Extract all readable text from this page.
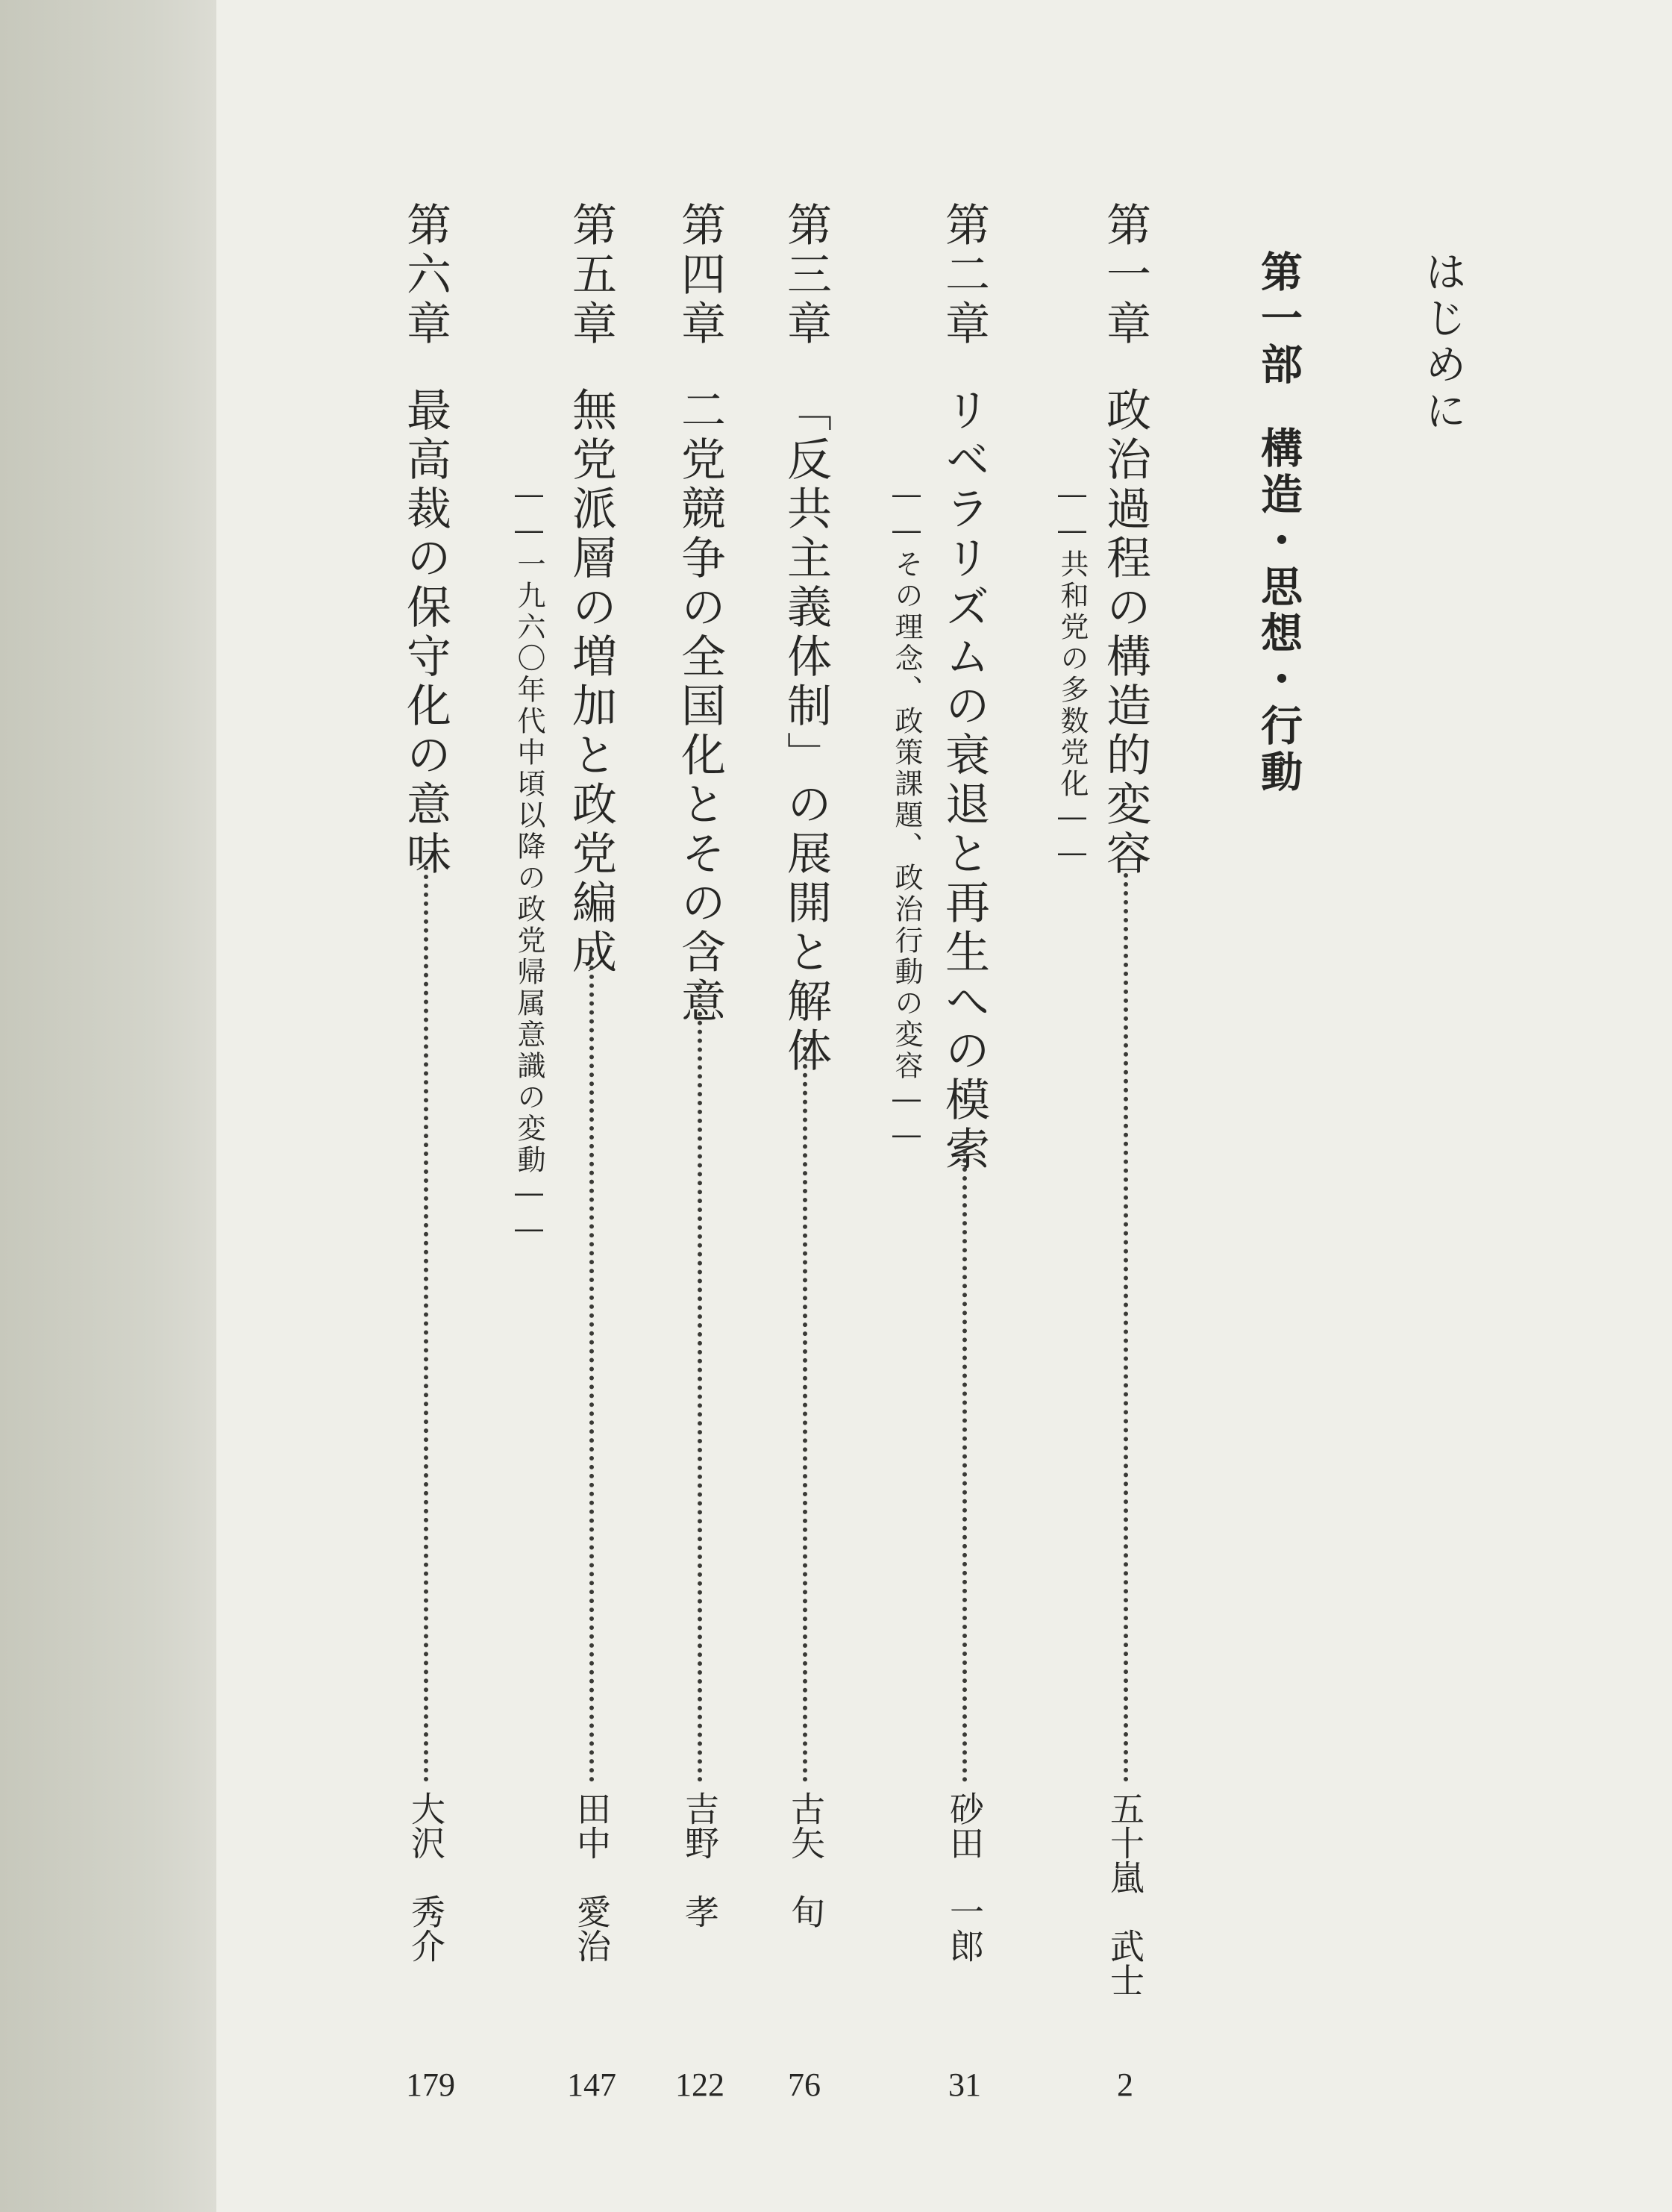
はじめに
第一部構造・思想・行動
第一章政治過程の構造的変容
――共和党の多数党化――
五十嵐　武士
2
第二章リベラリズムの衰退と再生への模索
――その理念、政策課題、政治行動の変容――
砂田　一郎
31
第三章「反共主義体制」の展開と解体
古矢　旬
76
第四章二党競争の全国化とその含意
吉野　孝
122
第五章無党派層の増加と政党編成
――一九六〇年代中頃以降の政党帰属意識の変動――
田中　愛治
147
第六章最高裁の保守化の意味
大沢　秀介
179
